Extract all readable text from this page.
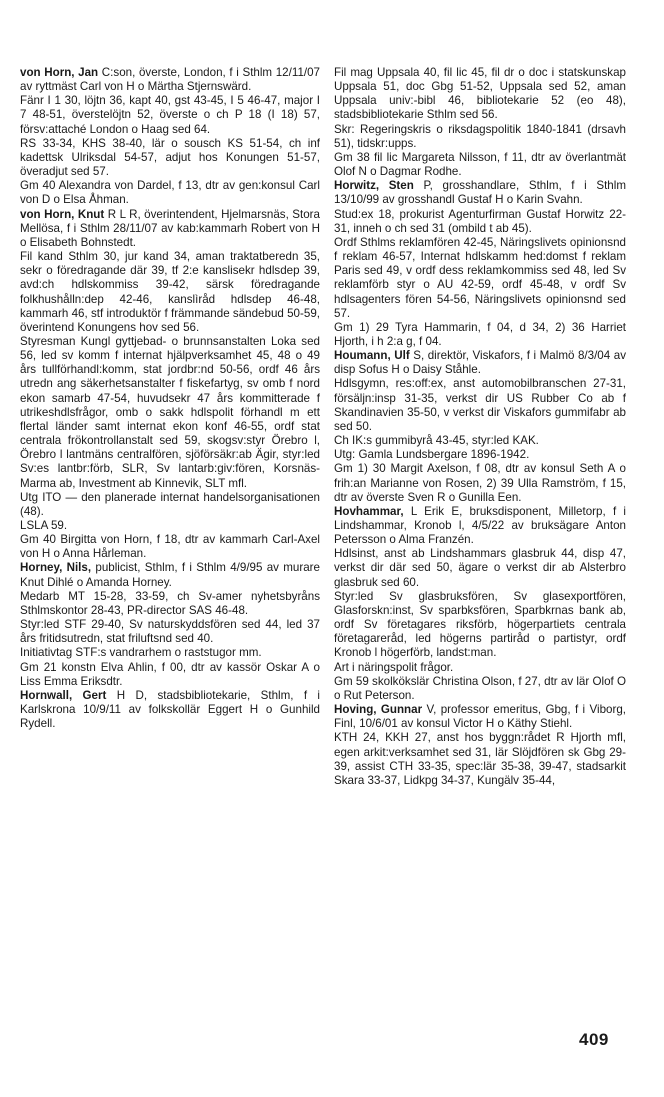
von Horn, Jan C:son, överste, London, f i Sthlm 12/11/07 av ryttmäst Carl von H o Märtha Stjernswärd.

Fänr I 1 30, löjtn 36, kapt 40, gst 43-45, I 5 46-47, major I 7 48-51, överstelöjtn 52, överste o ch P 18 (I 18) 57, försv:attaché London o Haag sed 64.

RS 33-34, KHS 38-40, lär o sousch KS 51-54, ch inf kadettsk Ulriksdal 54-57, adjut hos Konungen 51-57, överadjut sed 57.

Gm 40 Alexandra von Dardel, f 13, dtr av gen:konsul Carl von D o Elsa Åhman.

von Horn, Knut R L R, överintendent, Hjelmarsnäs, Stora Mellösa, f i Sthlm 28/11/07 av kab:kammarh Robert von H o Elisabeth Bohnstedt.

Fil kand Sthlm 30, jur kand 34, aman traktatberedn 35, sekr o föredragande där 39, tf 2:e kanslisekr hdlsdep 39, avd:ch hdlskommiss 39-42, särsk föredragande folkhushålln:dep 42-46, kanslìråd hdlsdep 46-48, kammarh 46, stf introduktör f främmande sändebud 50-59, överintend Konungens hov sed 56.

Styresman Kungl gyttjebad- o brunnsanstalten Loka sed 56, led sv komm f internat hjälpverksamhet 45, 48 o 49 års tullförhandl:komm, stat jordbr:nd 50-56, ordf 46 års utredn ang säkerhetsanstalter f fiskefartyg, sv omb f nord ekon samarb 47-54, huvudsekr 47 års kommitterade f utrikeshdlsfrågor, omb o sakk hdlspolit förhandl m ett flertal länder samt internat ekon konf 46-55, ordf stat centrala frökontrollanstalt sed 59, skogsv:styr Örebro l, Örebro l lantmäns centralfören, sjöförsäkr:ab Ägir, styr:led Sv:es lantbr:förb, SLR, Sv lantarb:giv:fören, Korsnäs-Marma ab, Investment ab Kinnevik, SLT mfl.

Utg ITO — den planerade internat handelsorganisationen (48).

LSLA 59.

Gm 40 Birgitta von Horn, f 18, dtr av kammarh Carl-Axel von H o Anna Hårleman.

Horney, Nils, publicist, Sthlm, f i Sthlm 4/9/95 av murare Knut Dihlé o Amanda Horney.

Medarb MT 15-28, 33-59, ch Sv-amer nyhetsbyråns Sthlmskontor 28-43, PR-director SAS 46-48.

Styr:led STF 29-40, Sv naturskyddsfören sed 44, led 37 års fritidsutredn, stat friluftsnd sed 40.

Initiativtag STF:s vandrarhem o raststugor mm.

Gm 21 konstn Elva Ahlin, f 00, dtr av kassör Oskar A o Liss Emma Eriksdtr.

Hornwall, Gert H D, stadsbibliotekarie, Sthlm, f i Karlskrona 10/9/11 av folkskollär Eggert H o Gunhild Rydell.

Fil mag Uppsala 40, fil lic 45, fil dr o doc i statskunskap Uppsala 51, doc Gbg 51-52, Uppsala sed 52, aman Uppsala univ:-bibl 46, bibliotekarie 52 (eo 48), stadsbibliotekarie Sthlm sed 56.

Skr: Regeringskris o riksdagspolitik 1840-1841 (drsavh 51), tidskr:upps.

Gm 38 fil lic Margareta Nilsson, f 11, dtr av överlantmät Olof N o Dagmar Rodhe.

Horwitz, Sten P, grosshandlare, Sthlm, f i Sthlm 13/10/99 av grosshandl Gustaf H o Karin Svahn.

Stud:ex 18, prokurist Agenturfirman Gustaf Horwitz 22-31, inneh o ch sed 31 (ombild t ab 45).

Ordf Sthlms reklamfören 42-45, Näringslivets opinionsnd f reklam 46-57, Internat hdlskamm hed:domst f reklam Paris sed 49, v ordf dess reklamkommiss sed 48, led Sv reklamförb styr o AU 42-59, ordf 45-48, v ordf Sv hdlsagenters fören 54-56, Näringslivets opinionsnd sed 57.

Gm 1) 29 Tyra Hammarin, f 04, d 34, 2) 36 Harriet Hjorth, i h 2:a g, f 04.

Houmann, Ulf S, direktör, Viskafors, f i Malmö 8/3/04 av disp Sofus H o Daisy Ståhle.

Hdlsgymn, res:off:ex, anst automobilbranschen 27-31, försäljn:insp 31-35, verkst dir US Rubber Co ab f Skandinavien 35-50, v verkst dir Viskafors gummifabr ab sed 50.

Ch IK:s gummibyrå 43-45, styr:led KAK.

Utg: Gamla Lundsbergare 1896-1942.

Gm 1) 30 Margit Axelson, f 08, dtr av konsul Seth A o frih:an Marianne von Rosen, 2) 39 Ulla Ramström, f 15, dtr av överste Sven R o Gunilla Een.

Hovhammar, L Erik E, bruksdisponent, Milletorp, f i Lindshammar, Kronob l, 4/5/22 av bruksägare Anton Petersson o Alma Franzén.

Hdlsinst, anst ab Lindshammars glasbruk 44, disp 47, verkst dir där sed 50, ägare o verkst dir ab Alsterbro glasbruk sed 60.

Styr:led Sv glasbruksfören, Sv glasexportfören, Glasforskn:inst, Sv sparbksfören, Sparbkrnas bank ab, ordf Sv företagares riksförb, högerpartiets centrala företagareråd, led högerns partiråd o partistyr, ordf Kronob l högerförb, landst:man.

Art i näringspolit frågor.

Gm 59 skolkökslär Christina Olson, f 27, dtr av lär Olof O o Rut Peterson.

Hoving, Gunnar V, professor emeritus, Gbg, f i Viborg, Finl, 10/6/01 av konsul Victor H o Käthy Stiehl.

KTH 24, KKH 27, anst hos byggn:rådet R Hjorth mfl, egen arkit:verksamhet sed 31, lär Slöjdfören sk Gbg 29-39, assist CTH 33-35, spec:lär 35-38, 39-47, stadsarkit Skara 33-37, Lidkpg 34-37, Kungälv 35-44,

409
